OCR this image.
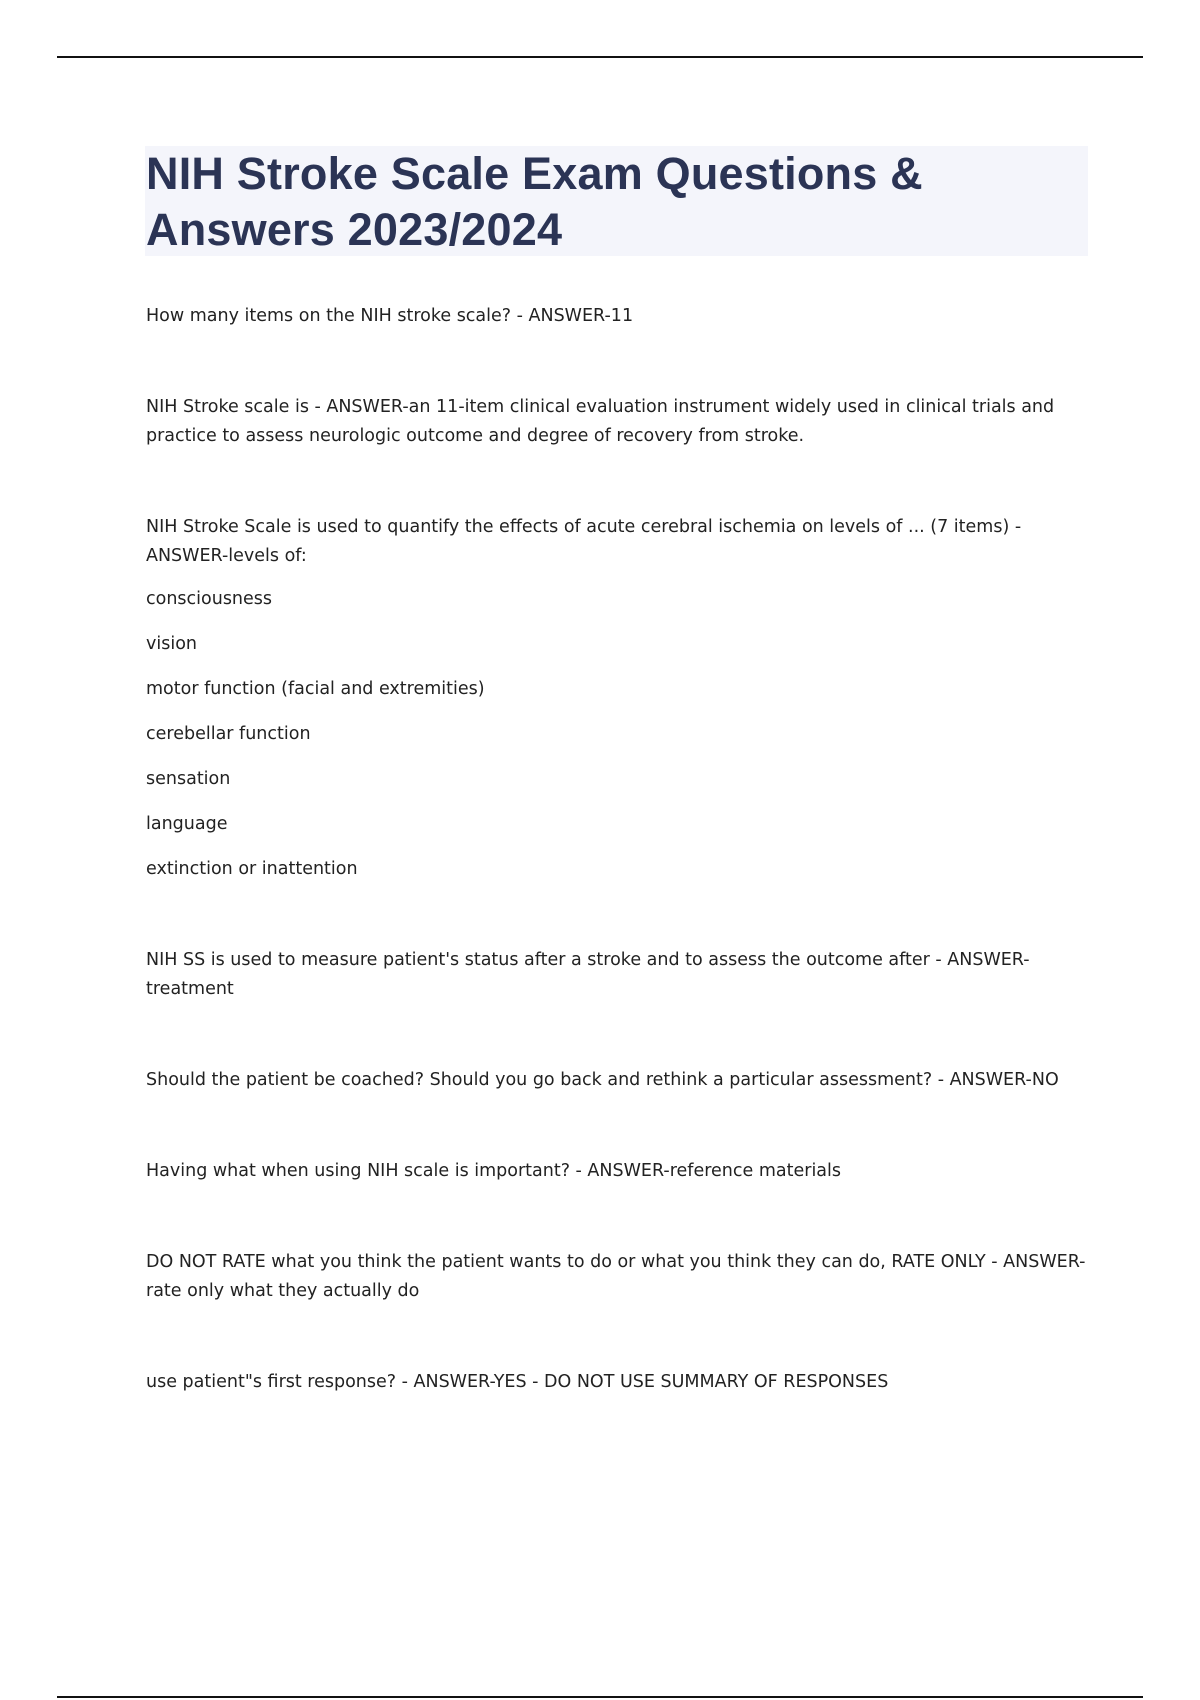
NIH Stroke Scale Exam Questions & Answers 2023/2024

How many items on the NIH stroke scale? - ANSWER-11

NIH Stroke scale is - ANSWER-an 11-item clinical evaluation instrument widely used in clinical trials and practice to assess neurologic outcome and degree of recovery from stroke.

NIH Stroke Scale is used to quantify the effects of acute cerebral ischemia on levels of ... (7 items) - ANSWER-levels of:

consciousness
vision
motor function (facial and extremities)
cerebellar function
sensation
language
extinction or inattention

NIH SS is used to measure patient's status after a stroke and to assess the outcome after - ANSWER-treatment

Should the patient be coached? Should you go back and rethink a particular assessment? - ANSWER-NO

Having what when using NIH scale is important? - ANSWER-reference materials

DO NOT RATE what you think the patient wants to do or what you think they can do, RATE ONLY - ANSWER-rate only what they actually do

use patient"s first response? - ANSWER-YES - DO NOT USE SUMMARY OF RESPONSES
